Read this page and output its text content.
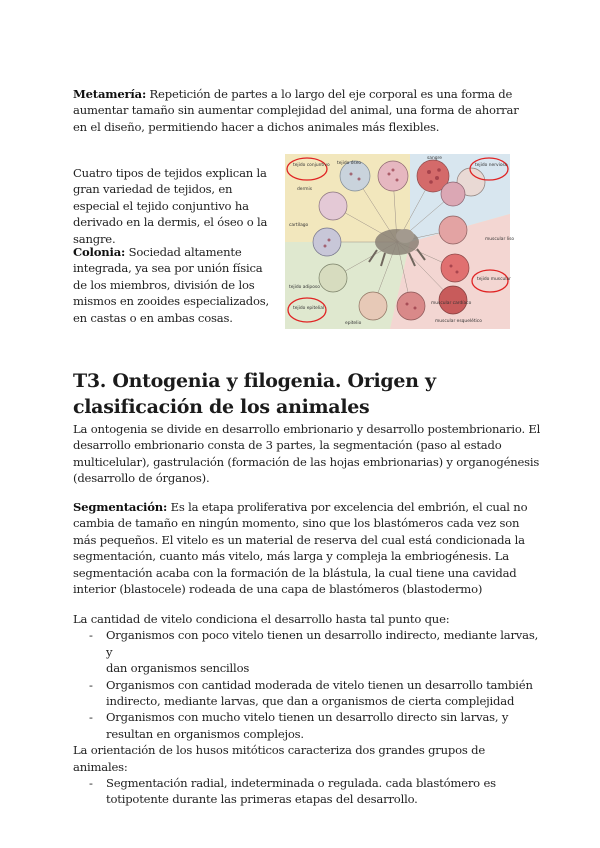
Metamería: Repetición de partes a lo largo del eje corporal es una forma de aumentar tamaño sin aumentar complejidad del animal, una forma de ahorrar en el diseño, permitiendo hacer a dichos animales más flexibles.

Cuatro tipos de tejidos explican la gran variedad de tejidos, en especial el tejido conjuntivo ha derivado en la dermis, el óseo o la sangre.

Colonia: Sociedad altamente integrada, ya sea por unión física de los miembros, división de los mismos en zooides especializados, en castas o en ambas cosas.

tejido conjuntivo tejido óseo
sangre
tejido nervioso
dermis
cartílago
muscular liso
tejido adiposo
tejido epitelial
muscular cardíaco
muscular esquelético
tejido muscular
epitelio
T3. Ontogenia y filogenia. Origen y clasificación de los animales

La ontogenia se divide en desarrollo embrionario y desarrollo postembrionario. El desarrollo embrionario consta de 3 partes, la segmentación (paso al estado multicelular), gastrulación (formación de las hojas embrionarias) y organogénesis (desarrollo de órganos).

Segmentación: Es la etapa proliferativa por excelencia del embrión, el cual no cambia de tamaño en ningún momento, sino que los blastómeros cada vez son más pequeños. El vitelo es un material de reserva del cual está condicionada la segmentación, cuanto más vitelo, más larga y compleja la embriogénesis. La segmentación acaba con la formación de la blástula, la cual tiene una cavidad interior (blastocele) rodeada de una capa de blastómeros (blastodermo)

La cantidad de vitelo condiciona el desarrollo hasta tal punto que:

- Organismos con poco vitelo tienen un desarrollo indirecto, mediante larvas, y
dan organismos sencillos
- Organismos con cantidad moderada de vitelo tienen un desarrollo también
indirecto, mediante larvas, que dan a organismos de cierta complejidad
- Organismos con mucho vitelo tienen un desarrollo directo sin larvas, y
resultan en organismos complejos.

La orientación de los husos mitóticos caracteriza dos grandes grupos de animales:

- Segmentación radial, indeterminada o regulada. cada blastómero es
totipotente durante las primeras etapas del desarrollo.
